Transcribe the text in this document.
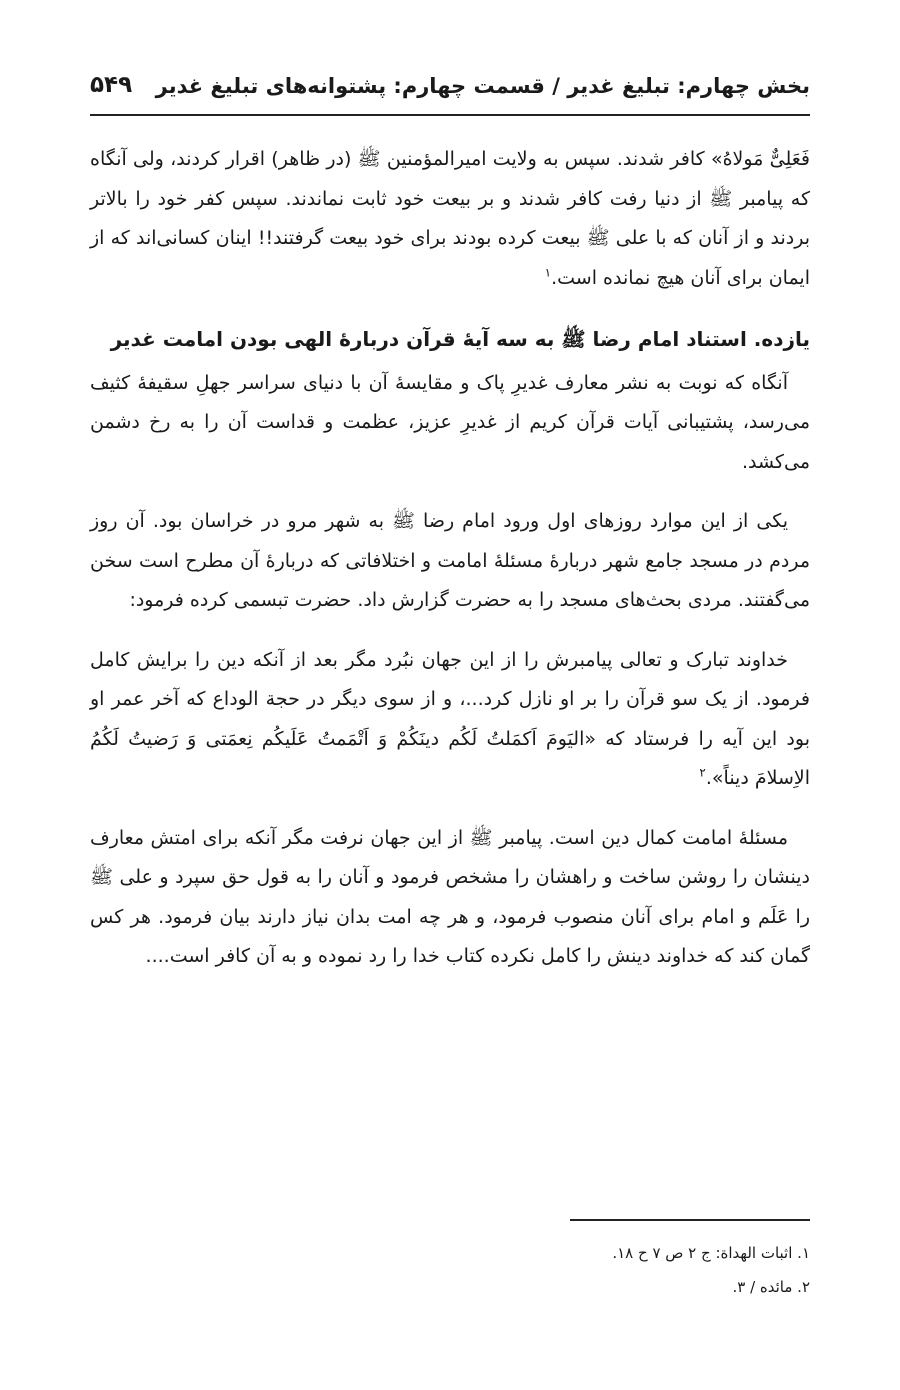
بخش چهارم: تبلیغ غدیر / قسمت چهارم: پشتوانه‌های تبلیغ غدیر
۵۴۹

فَعَلِیٌّ مَولاهُ» کافر شدند. سپس به ولایت امیرالمؤمنین ﷺ (در ظاهر) اقرار کردند، ولی آنگاه که پیامبر ﷺ از دنیا رفت کافر شدند و بر بیعت خود ثابت نماندند. سپس کفر خود را بالاتر بردند و از آنان که با علی ﷺ بیعت کرده بودند برای خود بیعت گرفتند!! اینان کسانی‌اند که از ایمان برای آنان هیچ نمانده است.$^۱$

یازده. استناد امام رضا ﷺ به سه آیهٔ قرآن دربارهٔ الهی بودن امامت غدیر

آنگاه که نوبت به نشر معارف غدیرِ پاک و مقایسهٔ آن با دنیای سراسر جهلِ سقیفهٔ کثیف می‌رسد، پشتیبانی آیات قرآن کریم از غدیرِ عزیز، عظمت و قداست آن را به رخ دشمن می‌کشد.

یکی از این موارد روزهای اول ورود امام رضا ﷺ به شهر مرو در خراسان بود. آن روز مردم در مسجد جامع شهر دربارهٔ مسئلهٔ امامت و اختلافاتی که دربارهٔ آن مطرح است سخن می‌گفتند. مردی بحث‌های مسجد را به حضرت گزارش داد. حضرت تبسمی کرده فرمود:

خداوند تبارک و تعالی پیامبرش را از این جهان نبُرد مگر بعد از آنکه دین را برایش کامل فرمود. از یک سو قرآن را بر او نازل کرد...، و از سوی دیگر در حجة الوداع که آخر عمر او بود این آیه را فرستاد که «الیَومَ اَکمَلتُ لَکُم دینَکُمْ وَ اَتْمَمتُ عَلَیکُم نِعمَتی وَ رَضیتُ لَکُمُ الاِسلامَ دیناً».$^۲$

مسئلهٔ امامت کمال دین است. پیامبر ﷺ از این جهان نرفت مگر آنکه برای امتش معارف دینشان را روشن ساخت و راهشان را مشخص فرمود و آنان را به قول حق سپرد و علی ﷺ را عَلَم و امام برای آنان منصوب فرمود، و هر چه امت بدان نیاز دارند بیان فرمود. هر کس گمان کند که خداوند دینش را کامل نکرده کتاب خدا را رد نموده و به آن کافر است....

۱. اثبات الهداة: ج ۲ ص ۷ ح ۱۸.

۲. مائده / ۳.
